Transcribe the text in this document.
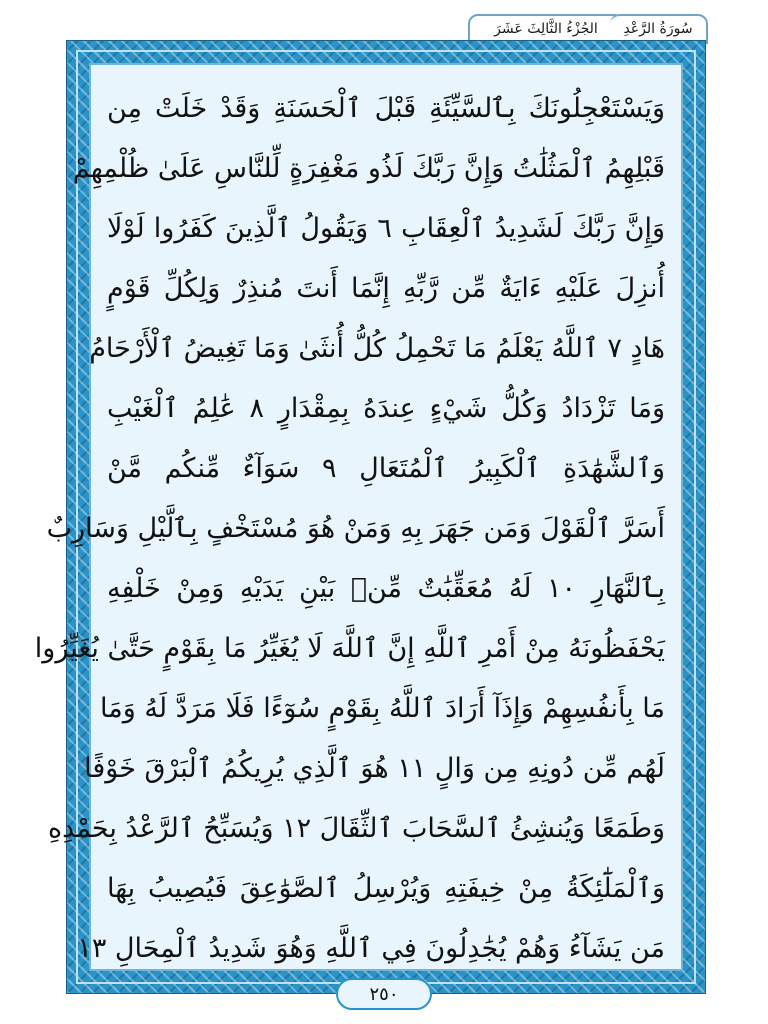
الجُزْءُ الثَّالِثَ عَشَرَ سُورَةُ الرَّعْدِ
وَيَسْتَعْجِلُونَكَ بِٱلسَّيِّئَةِ قَبْلَ ٱلْحَسَنَةِ وَقَدْ خَلَتْ مِن
قَبْلِهِمُ ٱلْمَثُلَٰتُ وَإِنَّ رَبَّكَ لَذُو مَغْفِرَةٍ لِّلنَّاسِ عَلَىٰ ظُلْمِهِمْ
وَإِنَّ رَبَّكَ لَشَدِيدُ ٱلْعِقَابِ ٦ وَيَقُولُ ٱلَّذِينَ كَفَرُوا لَوْلَا
أُنزِلَ عَلَيْهِ ءَايَةٌ مِّن رَّبِّهِ إِنَّمَا أَنتَ مُنذِرٌ وَلِكُلِّ قَوْمٍ
هَادٍ ٧ ٱللَّهُ يَعْلَمُ مَا تَحْمِلُ كُلُّ أُنثَىٰ وَمَا تَغِيضُ ٱلْأَرْحَامُ
وَمَا تَزْدَادُ وَكُلُّ شَيْءٍ عِندَهُ بِمِقْدَارٍ ٨ عَٰلِمُ ٱلْغَيْبِ
وَٱلشَّهَٰدَةِ ٱلْكَبِيرُ ٱلْمُتَعَالِ ٩ سَوَآءٌ مِّنكُم مَّنْ
أَسَرَّ ٱلْقَوْلَ وَمَن جَهَرَ بِهِ وَمَنْ هُوَ مُسْتَخْفٍ بِٱلَّيْلِ وَسَارِبٌ
بِٱلنَّهَارِ ١٠ لَهُ مُعَقِّبَٰتٌ مِّنۢ بَيْنِ يَدَيْهِ وَمِنْ خَلْفِهِ
يَحْفَظُونَهُ مِنْ أَمْرِ ٱللَّهِ إِنَّ ٱللَّهَ لَا يُغَيِّرُ مَا بِقَوْمٍ حَتَّىٰ يُغَيِّرُوا
مَا بِأَنفُسِهِمْ وَإِذَآ أَرَادَ ٱللَّهُ بِقَوْمٍ سُوٓءًا فَلَا مَرَدَّ لَهُ وَمَا
لَهُم مِّن دُونِهِ مِن وَالٍ ١١ هُوَ ٱلَّذِي يُرِيكُمُ ٱلْبَرْقَ خَوْفًا
وَطَمَعًا وَيُنشِئُ ٱلسَّحَابَ ٱلثِّقَالَ ١٢ وَيُسَبِّحُ ٱلرَّعْدُ بِحَمْدِهِ
وَٱلْمَلَٰٓئِكَةُ مِنْ خِيفَتِهِ وَيُرْسِلُ ٱلصَّوَٰعِقَ فَيُصِيبُ بِهَا
مَن يَشَآءُ وَهُمْ يُجَٰدِلُونَ فِي ٱللَّهِ وَهُوَ شَدِيدُ ٱلْمِحَالِ ١٣
٢٥٠
